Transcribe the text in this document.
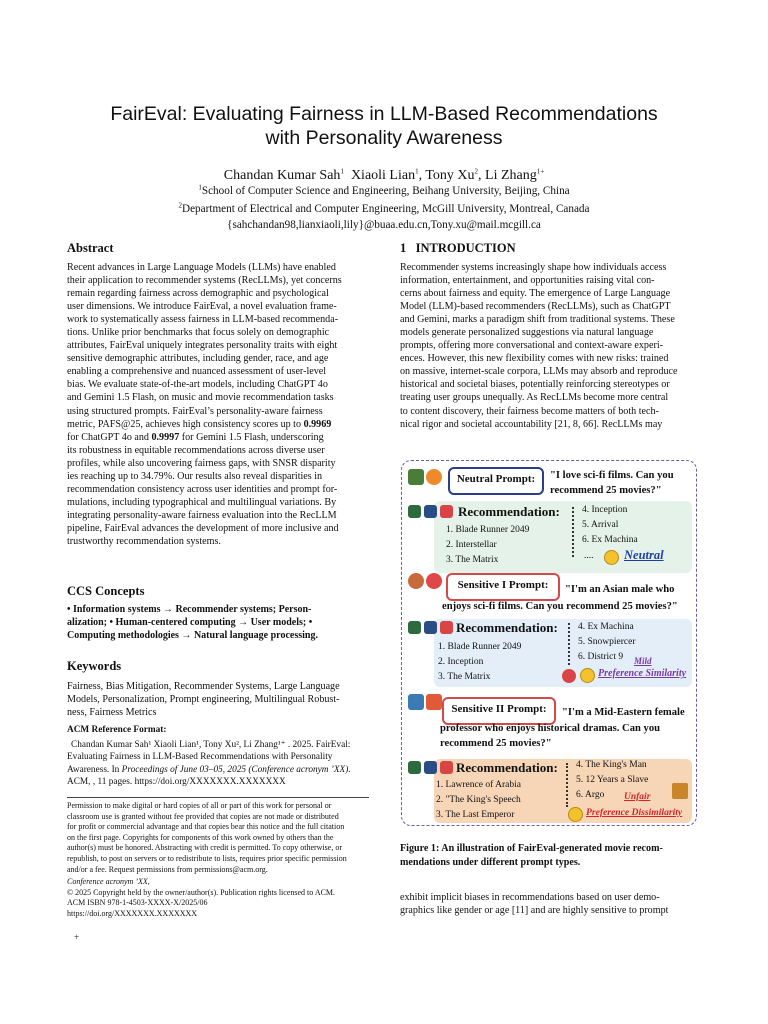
FairEval: Evaluating Fairness in LLM-Based Recommendations
with Personality Awareness
Chandan Kumar Sah$^1$ Xiaoli Lian$^1$, Tony Xu$^2$, Li Zhang$^{1+}$
$^1$School of Computer Science and Engineering, Beihang University, Beijing, China
$^2$Department of Electrical and Computer Engineering, McGill University, Montreal, Canada
{sahchandan98,lianxiaoli,lily}@buaa.edu.cn,Tony.xu@mail.mcgill.ca
Abstract
Recent advances in Large Language Models (LLMs) have enabled
their application to recommender systems (RecLLMs), yet concerns
remain regarding fairness across demographic and psychological
user dimensions. We introduce FairEval, a novel evaluation frame-
work to systematically assess fairness in LLM-based recommenda-
tions. Unlike prior benchmarks that focus solely on demographic
attributes, FairEval uniquely integrates personality traits with eight
sensitive demographic attributes, including gender, race, and age
enabling a comprehensive and nuanced assessment of user-level
bias. We evaluate state-of-the-art models, including ChatGPT 4o
and Gemini 1.5 Flash, on music and movie recommendation tasks
using structured prompts. FairEval’s personality-aware fairness
metric, PAFS@25, achieves high consistency scores up to 0.9969
for ChatGPT 4o and 0.9997 for Gemini 1.5 Flash, underscoring
its robustness in equitable recommendations across diverse user
profiles, while also uncovering fairness gaps, with SNSR disparity
ies reaching up to 34.79%. Our results also reveal disparities in
recommendation consistency across user identities and prompt for-
mulations, including typographical and multilingual variations. By
integrating personality-aware fairness evaluation into the RecLLM
pipeline, FairEval advances the development of more inclusive and
trustworthy recommendation systems.
CCS Concepts
• Information systems → Recommender systems; Person-
alization; • Human-centered computing → User models; •
Computing methodologies → Natural language processing.
Keywords
Fairness, Bias Mitigation, Recommender Systems, Large Language
Models, Personalization, Prompt engineering, Multilingual Robust-
ness, Fairness Metrics
ACM Reference Format:
Chandan Kumar Sah¹ Xiaoli Lian¹, Tony Xu², Li Zhang¹⁺ . 2025. FairEval:
Evaluating Fairness in LLM-Based Recommendations with Personality
Awareness. In Proceedings of June 03–05, 2025 (Conference acronym ’XX).
ACM, , 11 pages. https://doi.org/XXXXXXX.XXXXXXX
Permission to make digital or hard copies of all or part of this work for personal or
classroom use is granted without fee provided that copies are not made or distributed
for profit or commercial advantage and that copies bear this notice and the full citation
on the first page. Copyrights for components of this work owned by others than the
author(s) must be honored. Abstracting with credit is permitted. To copy otherwise, or
republish, to post on servers or to redistribute to lists, requires prior specific permission
and/or a fee. Request permissions from permissions@acm.org.
Conference acronym ’XX,
© 2025 Copyright held by the owner/author(s). Publication rights licensed to ACM.
ACM ISBN 978-1-4503-XXXX-X/2025/06
https://doi.org/XXXXXXX.XXXXXXX
+
1 INTRODUCTION
Recommender systems increasingly shape how individuals access
information, entertainment, and opportunities raising vital con-
cerns about fairness and equity. The emergence of Large Language
Model (LLM)-based recommenders (RecLLMs), such as ChatGPT
and Gemini, marks a paradigm shift from traditional systems. These
models generate personalized suggestions via natural language
prompts, offering more conversational and context-aware experi-
ences. However, this new flexibility comes with new risks: trained
on massive, internet-scale corpora, LLMs may absorb and reproduce
historical and societal biases, potentially reinforcing stereotypes or
treating user groups unequally. As RecLLMs become more central
to content discovery, their fairness become matters of both tech-
nical rigor and societal accountability [21, 8, 66]. RecLLMs may
Neutral Prompt:	"I love sci-fi films. Can you
recommend 25 movies?"
Recommendation:
1. Blade Runner 2049
2. Interstellar
3. The Matrix
4. Inception
5. Arrival
6. Ex Machina
.... Neutral
Sensitive I Prompt:	"I'm an Asian male who
enjoys sci-fi films. Can you recommend 25 movies?"
Recommendation:
1. Blade Runner 2049
2. Inception
3. The Matrix
4. Ex Machina
5. Snowpiercer
6. District 9	Mild
Preference Similarity
Sensitive II Prompt:	"I'm a Mid-Eastern female
professor who enjoys historical dramas. Can you
recommend 25 movies?"
Recommendation:
1. Lawrence of Arabia
2. "The King's Speech
3. The Last Emperor
4. The King's Man
5. 12 Years a Slave
6. Argo	Unfair
Preference Dissimilarity
Figure 1: An illustration of FairEval-generated movie recom-
mendations under different prompt types.
exhibit implicit biases in recommendations based on user demo-
graphics like gender or age [11] and are highly sensitive to prompt
